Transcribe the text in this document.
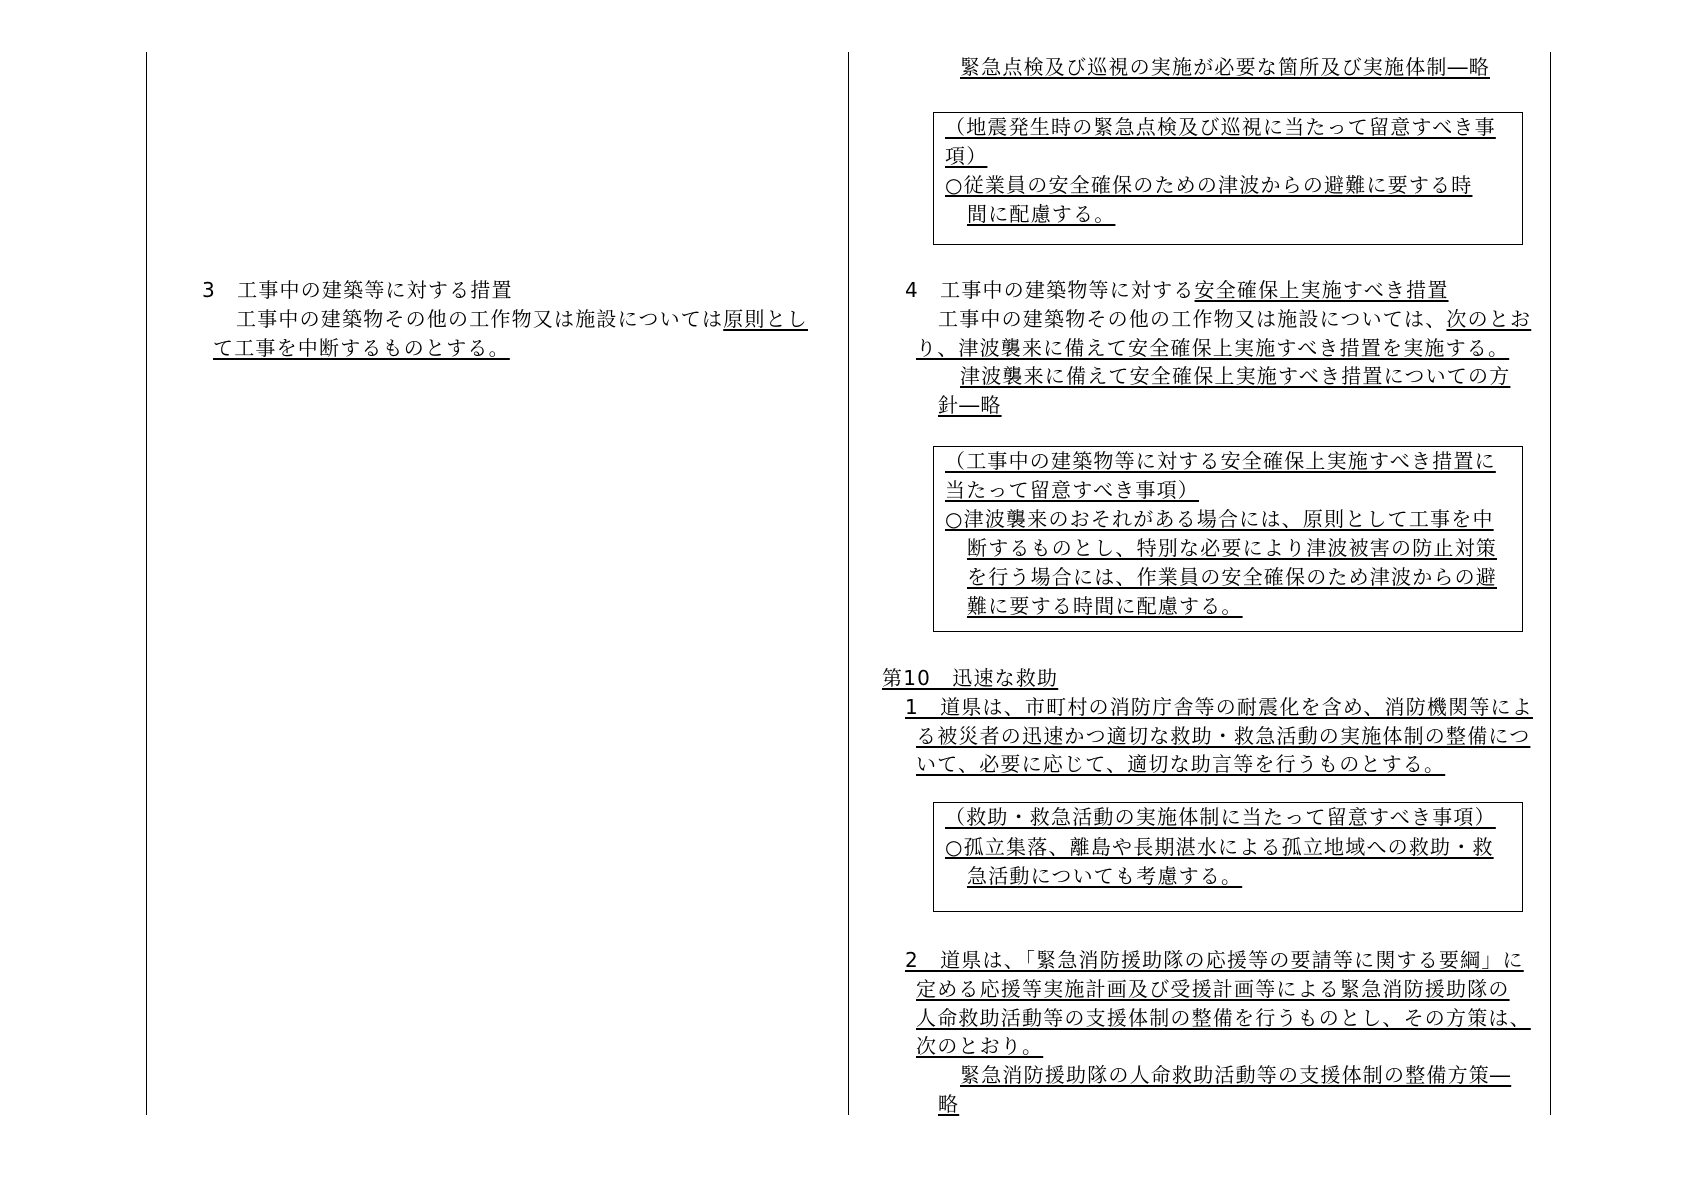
3　工事中の建築等に対する措置
工事中の建築物その他の工作物又は施設については原則とし
て工事を中断するものとする。
緊急点検及び巡視の実施が必要な箇所及び実施体制―略
（地震発生時の緊急点検及び巡視に当たって留意すべき事
項）
○従業員の安全確保のための津波からの避難に要する時
間に配慮する。
4　工事中の建築物等に対する安全確保上実施すべき措置
工事中の建築物その他の工作物又は施設については、次のとお
り、津波襲来に備えて安全確保上実施すべき措置を実施する。
津波襲来に備えて安全確保上実施すべき措置についての方
針―略
（工事中の建築物等に対する安全確保上実施すべき措置に
当たって留意すべき事項）
○津波襲来のおそれがある場合には、原則として工事を中
断するものとし、特別な必要により津波被害の防止対策
を行う場合には、作業員の安全確保のため津波からの避
難に要する時間に配慮する。
第10　迅速な救助
1　道県は、市町村の消防庁舎等の耐震化を含め、消防機関等によ
る被災者の迅速かつ適切な救助・救急活動の実施体制の整備につ
いて、必要に応じて、適切な助言等を行うものとする。
（救助・救急活動の実施体制に当たって留意すべき事項）
○孤立集落、離島や長期湛水による孤立地域への救助・救
急活動についても考慮する。
2　道県は、「緊急消防援助隊の応援等の要請等に関する要綱」に
定める応援等実施計画及び受援計画等による緊急消防援助隊の
人命救助活動等の支援体制の整備を行うものとし、その方策は、
次のとおり。
緊急消防援助隊の人命救助活動等の支援体制の整備方策―
略
